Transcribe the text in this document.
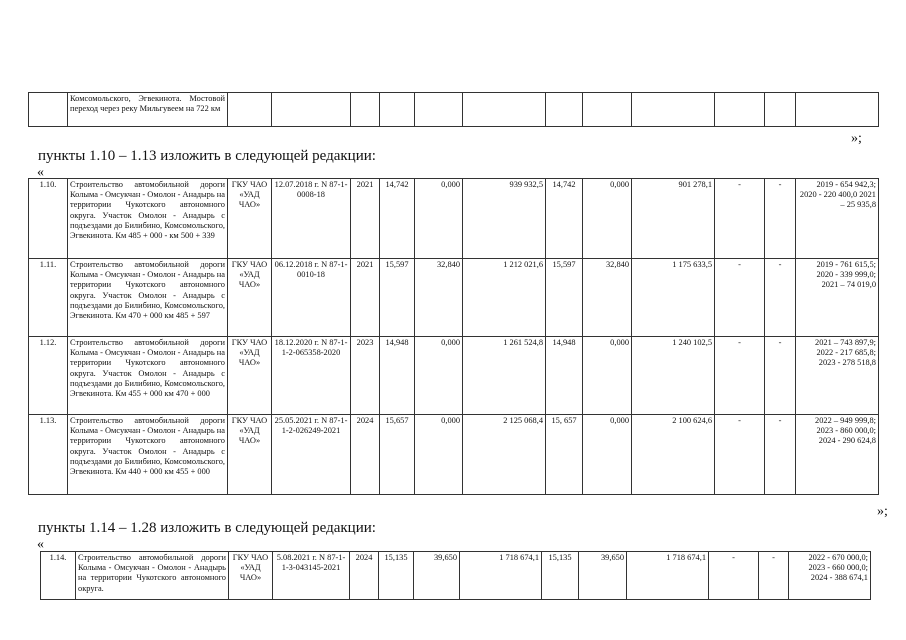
	Комсомольского, Эгвекинота. Мостовой переход через реку Мильгувеем на 722 км												
»;
пункты 1.10 – 1.13 изложить в следующей редакции:
«
1.10.	Строительство автомобильной дороги Колыма - Омсукчан - Омолон - Анадырь на территории Чукотского автономного округа. Участок Омолон - Анадырь с подъездами до Билибино, Комсомольского, Эгвекинота. Км 485 + 000 - км 500 + 339	ГКУ ЧАО «УАД ЧАО»	12.07.2018 г. N 87-1-0008-18	2021	14,742	0,000	939 932,5	14,742	0,000	901 278,1	-	-	2019 - 654 942,3; 2020 - 220 400,0 2021 – 25 935,8
1.11.	Строительство автомобильной дороги Колыма - Омсукчан - Омолон - Анадырь на территории Чукотского автономного округа. Участок Омолон - Анадырь с подъездами до Билибино, Комсомольского, Эгвекинота. Км 470 + 000 км 485 + 597	ГКУ ЧАО «УАД ЧАО»	06.12.2018 г. N 87-1-0010-18	2021	15,597	32,840	1 212 021,6	15,597	32,840	1 175 633,5	-	-	2019 - 761 615,5; 2020 - 339 999,0; 2021 – 74 019,0
1.12.	Строительство автомобильной дороги Колыма - Омсукчан - Омолон - Анадырь на территории Чукотского автономного округа. Участок Омолон - Анадырь с подъездами до Билибино, Комсомольского, Эгвекинота. Км 455 + 000 км 470 + 000	ГКУ ЧАО «УАД ЧАО»	18.12.2020 г. N 87-1-1-2-065358-2020	2023	14,948	0,000	1 261 524,8	14,948	0,000	1 240 102,5	-	-	2021 – 743 897,9; 2022 - 217 685,8; 2023 - 278 518,8
1.13.	Строительство автомобильной дороги Колыма - Омсукчан - Омолон - Анадырь на территории Чукотского автономного округа. Участок Омолон - Анадырь с подъездами до Билибино, Комсомольского, Эгвекинота. Км 440 + 000 км 455 + 000	ГКУ ЧАО «УАД ЧАО»	25.05.2021 г. N 87-1-1-2-026249-2021	2024	15,657	0,000	2 125 068,4	15, 657	0,000	2 100 624,6	-	-	2022 – 949 999,8; 2023 - 860 000,0; 2024 - 290 624,8
»;
пункты 1.14 – 1.28 изложить в следующей редакции:
«
1.14.	Строительство автомобильной дороги Колыма - Омсукчан - Омолон - Анадырь на территории Чукотского автономного округа.	ГКУ ЧАО «УАД ЧАО»	5.08.2021 г. N 87-1-1-3-043145-2021	2024	15,135	39,650	1 718 674,1	15,135	39,650	1 718 674,1	-	-	2022 - 670 000,0; 2023 - 660 000,0; 2024 - 388 674,1
